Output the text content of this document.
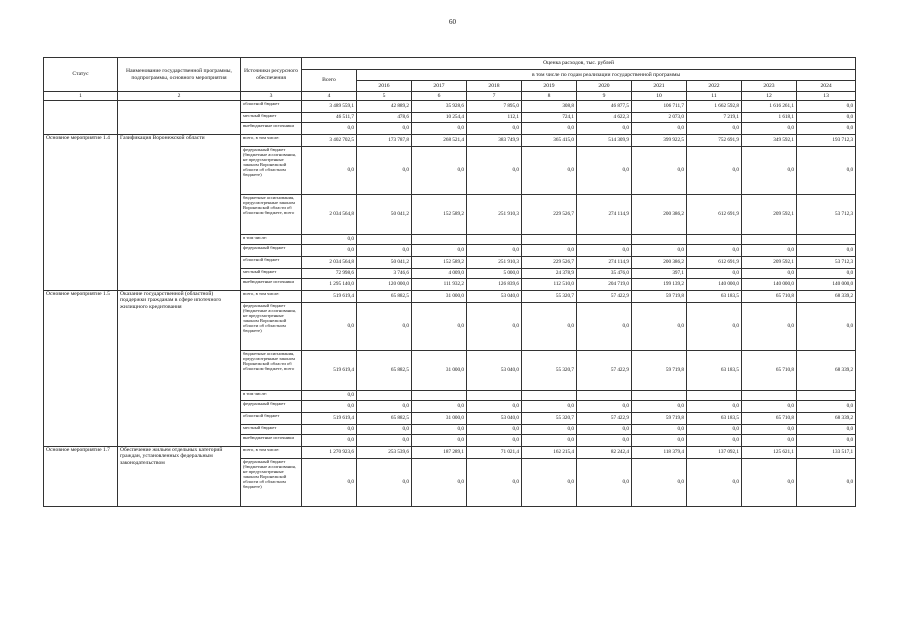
60
Статус	Наименование государственной программы, подпрограммы, основного мероприятия	Источники ресурсного обеспечения	Оценка расходов, тыс. рублей									
			Всего	в том числе по годам реализации государственной программы								
				2016	2017	2018	2019	2020	2021	2022	2023	2024
1	2	3	4	5	6	7	8	9	10	11	12	13
		областной бюджет	3 489 559,1	42 889,2	35 928,6	7 895,0	308,8	46 877,5	106 711,7	1 662 592,8	1 616 261,1	0,0
		местный бюджет	46 511,7	478,6	10 254,4	112,1	724,1	4 622,3	2 073,0	7 219,1	1 618,1	0,0
		внебюджетные источники	0,0	0,0	0,0	0,0	0,0	0,0	0,0	0,0	0,0	0,0
Основное мероприятие 1.4	Газификация Воронежской области	всего, в том числе:	3 402 702,5	173 787,8	268 521,4	383 749,9	365 415,0	514 309,9	399 922,5	752 691,9	349 592,1	193 712,3
		федеральный бюджет (бюджетные ассигнования, не предусмотренные законом Воронежской области об областном бюджете)	0,0	0,0	0,0	0,0	0,0	0,0	0,0	0,0	0,0	0,0
		бюджетные ассигнования, предусмотренные законом Воронежской области об областном бюджете, всего	2 034 564,8	50 041,2	152 589,2	251 910,3	229 526,7	274 114,9	200 386,2	612 691,9	209 592,1	53 712,3
		в том числе:	0,0									
		федеральный бюджет	0,0	0,0	0,0	0,0	0,0	0,0	0,0	0,0	0,0	0,0
		областной бюджет	2 034 564,8	50 041,2	152 589,2	251 910,3	229 526,7	274 114,9	200 386,2	612 691,9	209 592,1	53 712,3
		местный бюджет	72 998,6	3 746,6	4 009,0	5 000,0	24 378,9	35 476,0	397,1	0,0	0,0	0,0
		внебюджетные источники	1 295 140,0	120 000,0	111 932,2	126 839,6	112 510,0	204 719,0	199 139,2	140 000,0	140 000,0	140 000,0
Основное мероприятие 1.5	Оказание государственной (областной) поддержки гражданам в сфере ипотечного жилищного кредитования	всего, в том числе:	519 619,4	65 882,5	31 000,0	53 040,0	55 320,7	57 422,9	59 719,8	63 183,5	65 710,8	68 339,2
		федеральный бюджет (бюджетные ассигнования, не предусмотренные законом Воронежской области об областном бюджете)	0,0	0,0	0,0	0,0	0,0	0,0	0,0	0,0	0,0	0,0
		бюджетные ассигнования, предусмотренные законом Воронежской области об областном бюджете, всего	519 619,4	65 882,5	31 000,0	53 040,0	55 320,7	57 422,9	59 719,8	63 183,5	65 710,8	68 339,2
		в том числе:	0,0									
		федеральный бюджет	0,0	0,0	0,0	0,0	0,0	0,0	0,0	0,0	0,0	0,0
		областной бюджет	519 619,4	65 882,5	31 000,0	53 040,0	55 320,7	57 422,9	59 719,8	63 183,5	65 710,8	68 339,2
		местный бюджет	0,0	0,0	0,0	0,0	0,0	0,0	0,0	0,0	0,0	0,0
		внебюджетные источники	0,0	0,0	0,0	0,0	0,0	0,0	0,0	0,0	0,0	0,0
Основное мероприятие 1.7	Обеспечение жильем отдельных категорий граждан, установленных федеральным законодательством	всего, в том числе:	1 270 923,6	253 539,6	187 289,1	71 021,4	162 215,4	82 242,4	118 379,4	137 092,1	125 621,1	133 517,1
		федеральный бюджет (бюджетные ассигнования, не предусмотренные законом Воронежской области об областном бюджете)	0,0	0,0	0,0	0,0	0,0	0,0	0,0	0,0	0,0	0,0
